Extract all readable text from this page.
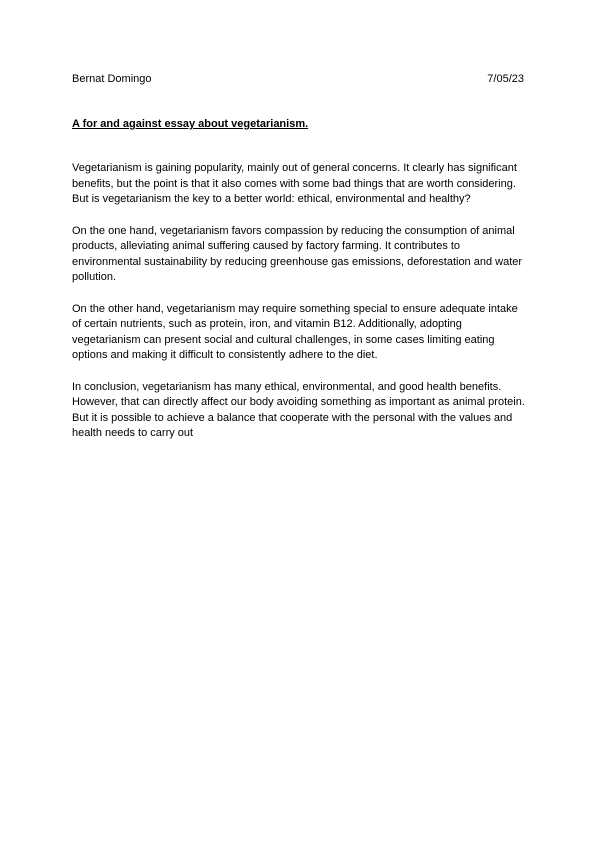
Bernat Domingo	7/05/23
A for and against essay about vegetarianism.

Vegetarianism is gaining popularity, mainly out of general concerns. It clearly has significant benefits, but the point is that it also comes with some bad things that are worth considering. But is vegetarianism the key to a better world: ethical, environmental and healthy?

On the one hand, vegetarianism favors compassion by reducing the consumption of animal products, alleviating animal suffering caused by factory farming. It contributes to environmental sustainability by reducing greenhouse gas emissions, deforestation and water pollution.

On the other hand, vegetarianism may require something special to ensure adequate intake of certain nutrients, such as protein, iron, and vitamin B12. Additionally, adopting vegetarianism can present social and cultural challenges, in some cases limiting eating options and making it difficult to consistently adhere to the diet.

In conclusion, vegetarianism has many ethical, environmental, and good health benefits. However, that can directly affect our body avoiding something as important as animal protein. But it is possible to achieve a balance that cooperate with the personal with the values and health needs to carry out
